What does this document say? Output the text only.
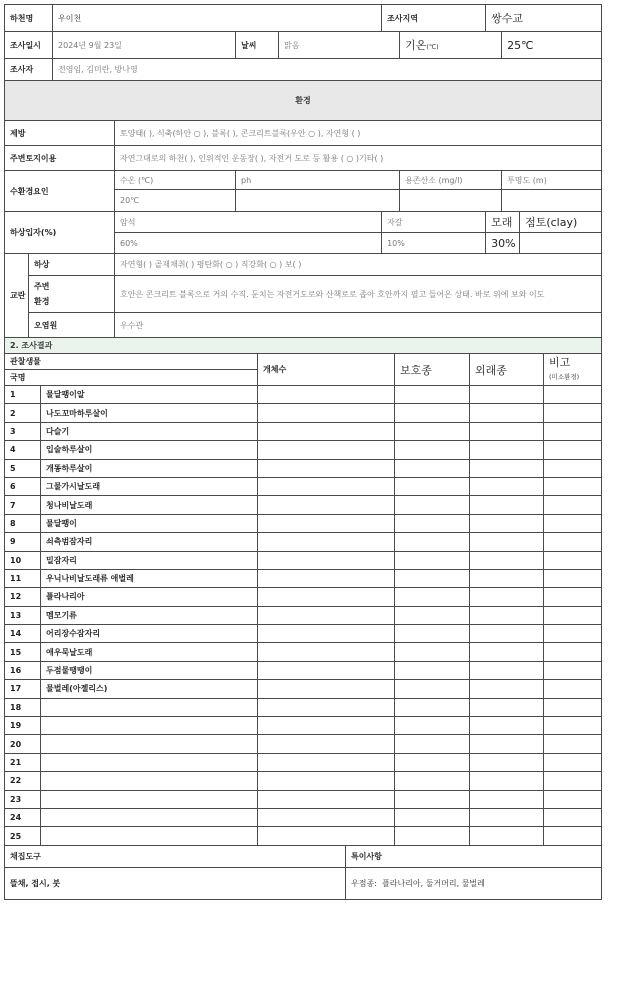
하천명		우이천				조사지역		쌍수교		
조사일시		2024년 9월 23일		날씨	맑음		기온(℃)		25℃	
조사자		전영임, 김미란, 방나영								
환경										
제방			토양태( ), 식축(하안 ○ ), 블록( ), 콘크리트블록(우안 ○ ), 자연형 ( )							
주변토지이용			자연그대로의 하천( ), 인위적인 운동장( ), 자전거 도로 등 활용 ( ○ )기타( )							
수환경요인			수온 (℃)	ph			용존산소 (mg/l)		투명도 (m)	
			20℃							
하상입자(%)			암석			자갈		모래		점토(clay)
			60%			10%		30%		
교란	하상		자연형( ) 골재채취( ) 평탄화( ○ ) 직강화( ○ ) 보( )							

	주변
환경		호안은 콘크리트 블록으로 거의 수직. 둔치는 자전거도로와 산책로로 좁아 호안까지 펼고 들어온 상태. 바로 위에 보와 이도							
	오염원		우수관							
2. 조사결과					
관찰생물		개체수	보호종	외래종	비고
(미소환경)

국명					
1	물달팽이알				
2	나도꼬마하루살이				
3	다슬기				
4	입술하루살이				
5	개똥하루살이				
6	그물가시날도래				
7	청나비날도래				
8	물달팽이				
9	쇠측범잠자리				
10	밀잠자리				
11	우닉나비날도래류 애벌레				
12	플라나리아				
13	멤모기류				
14	어리장수잠자리				
15	애우묵날도래				
16	두점물땡땡이				
17	물벌레(아젤리스)				
18					
19					
20					
21					
22					
23					
24					
25					
채집도구	특이사항
뜰채, 접시, 붓	우점종: 플라나리아, 둘거머리, 물벌레
